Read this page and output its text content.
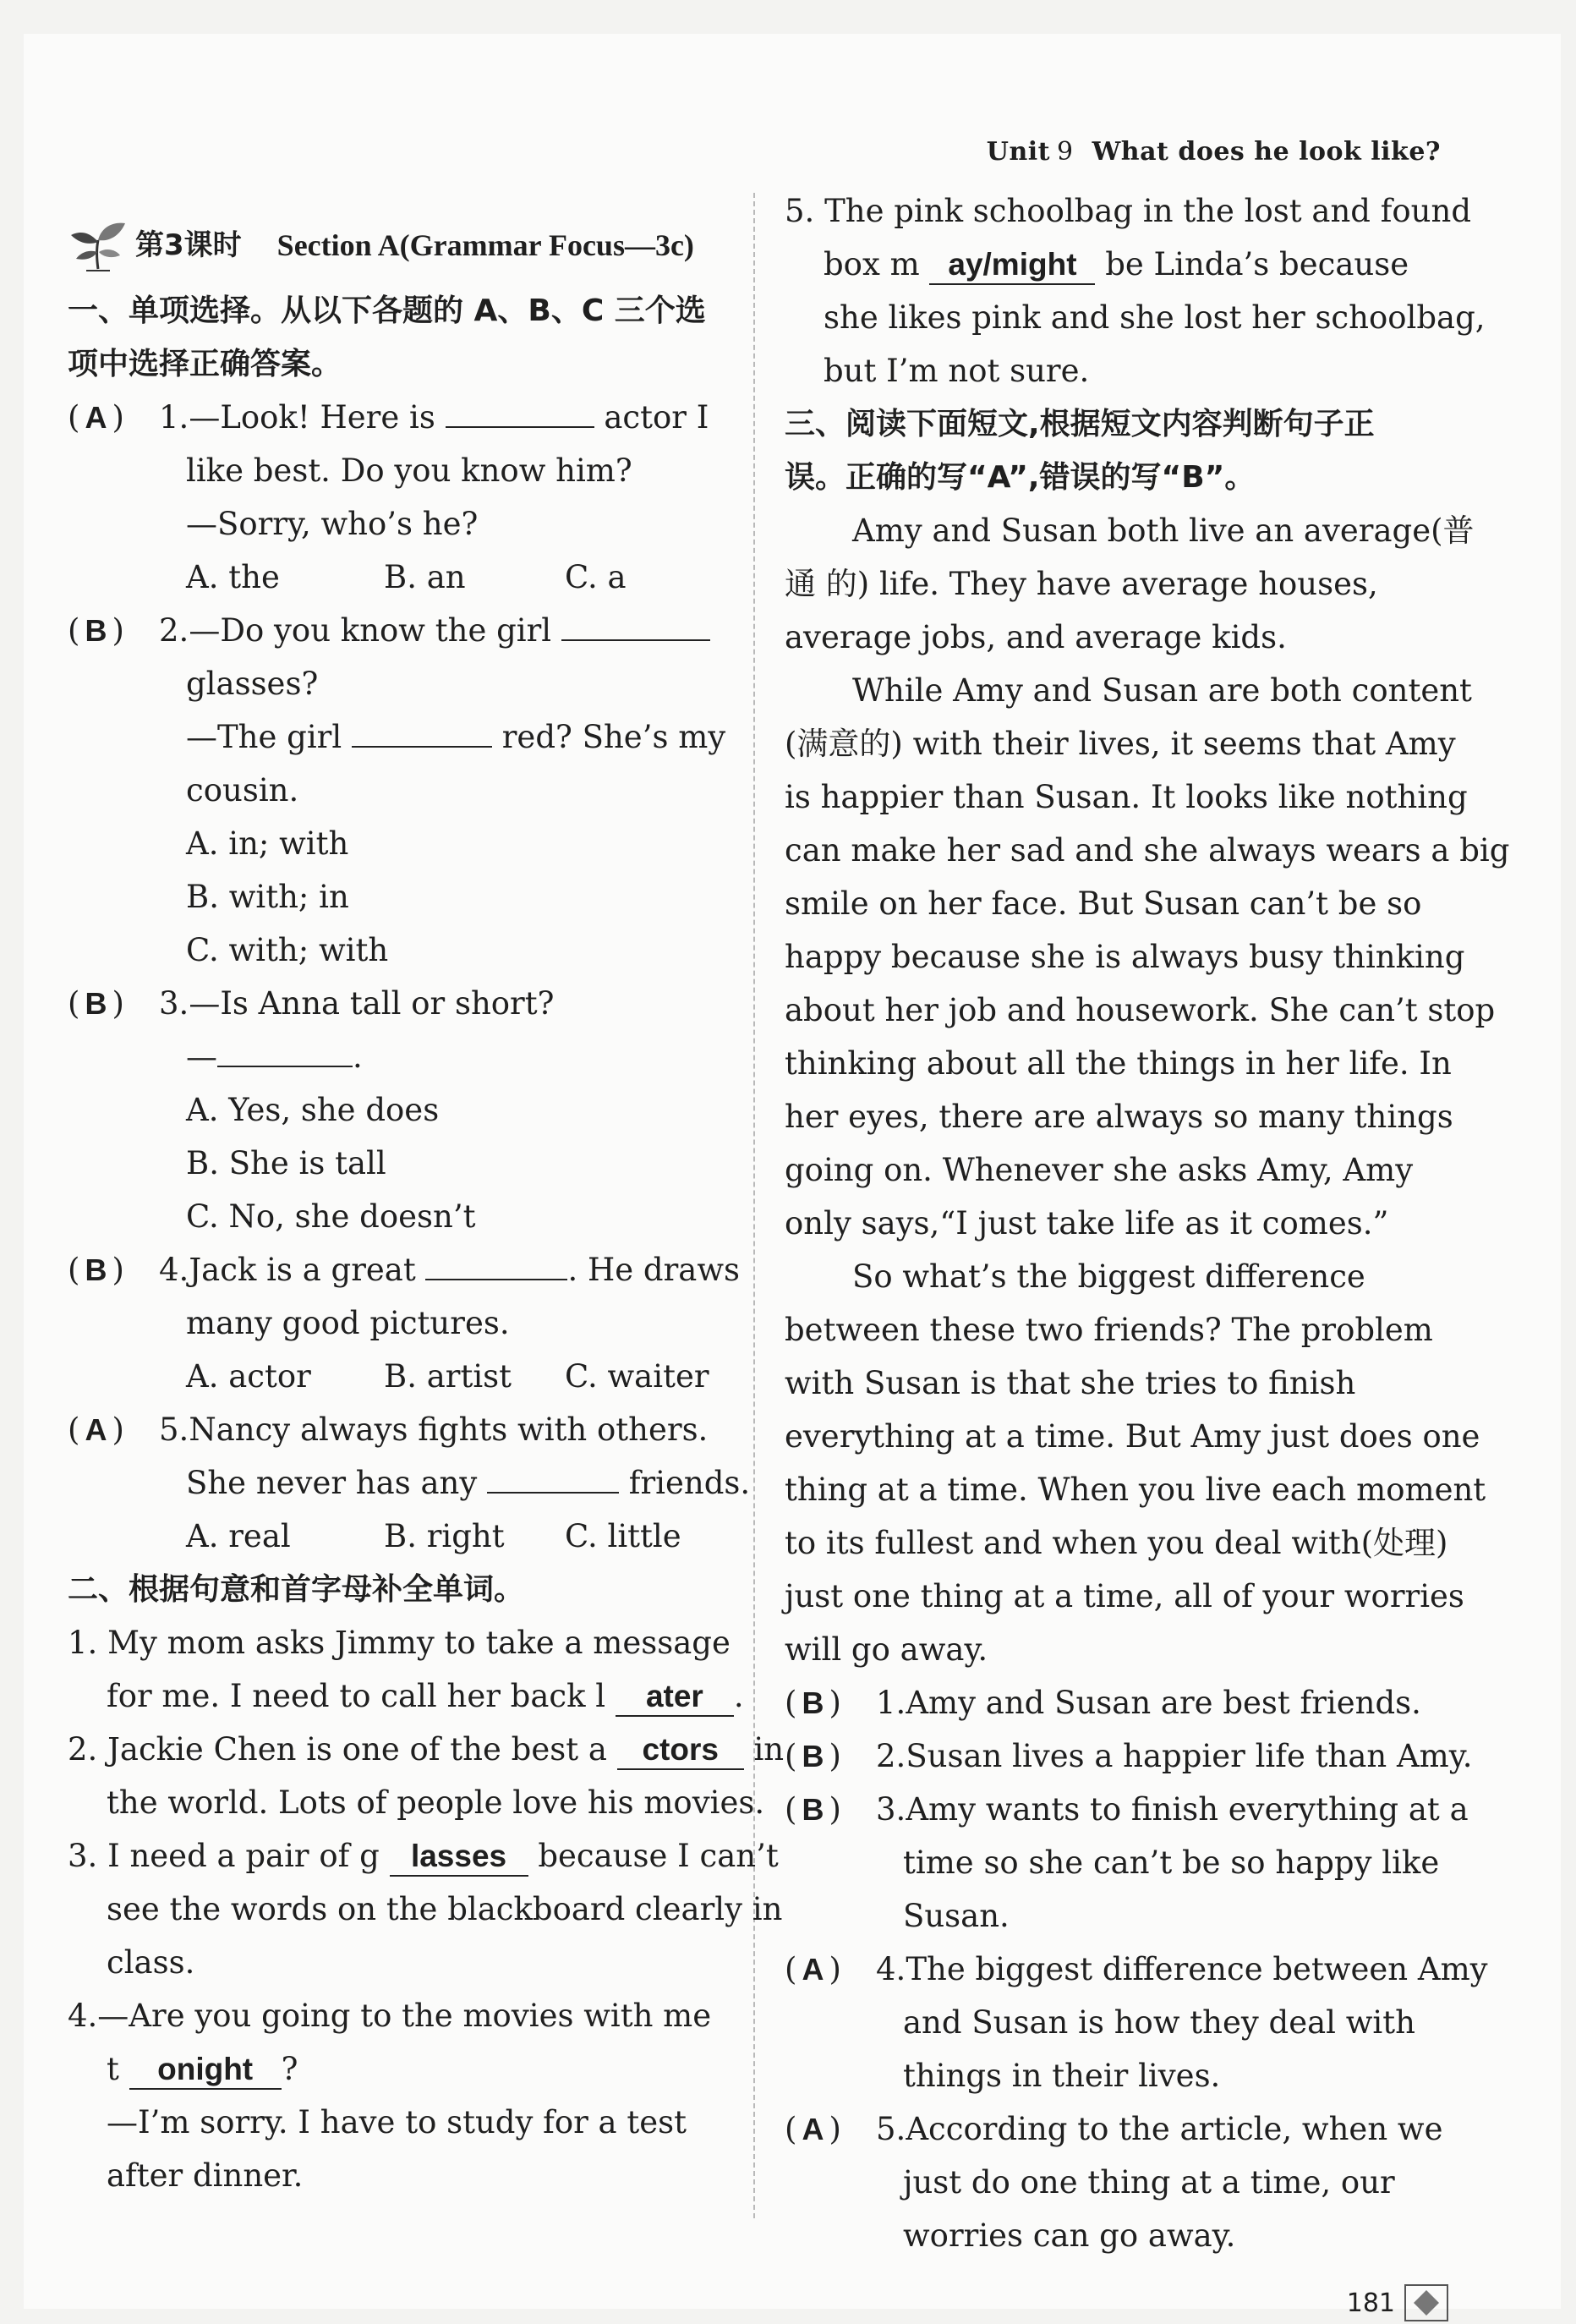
Unit 9 What does he look like?
第3课时 Section A(Grammar Focus—3c)
一、单项选择。从以下各题的 A、B、C 三个选
项中选择正确答案。
( A ) 1.—Look! Here is	actor I
like best. Do you know him?
—Sorry, who’s he?
A. the	B. an	C. a
( B ) 2.—Do you know the girl
glasses?
—The girl	red? She’s my
cousin.
A. in; with
B. with; in
C. with; with
( B ) 3.—Is Anna tall or short?
—	.
A. Yes, she does
B. She is tall
C. No, she doesn’t
( B ) 4.Jack is a great	. He draws
many good pictures.
A. actor	B. artist	C. waiter
( A ) 5.Nancy always fights with others.
She never has any	friends.
A. real	B. right	C. little
二、根据句意和首字母补全单词。
1. My mom asks Jimmy to take a message
for me. I need to call her back l ater .
2. Jackie Chen is one of the best a ctors in
the world. Lots of people love his movies.
3. I need a pair of g lasses because I can’t
see the words on the blackboard clearly in
class.
4.—Are you going to the movies with me
t onight ?
—I’m sorry. I have to study for a test
after dinner.
5. The pink schoolbag in the lost and found
box m ay/might be Linda’s because
she likes pink and she lost her schoolbag,
but I’m not sure.
三、阅读下面短文,根据短文内容判断句子正
误。正确的写“A”,错误的写“B”。
Amy and Susan both live an average(普
通 的) life. They have average houses,
average jobs, and average kids.
While Amy and Susan are both content
(满意的) with their lives, it seems that Amy
is happier than Susan. It looks like nothing
can make her sad and she always wears a big
smile on her face. But Susan can’t be so
happy because she is always busy thinking
about her job and housework. She can’t stop
thinking about all the things in her life. In
her eyes, there are always so many things
going on. Whenever she asks Amy, Amy
only says,“I just take life as it comes.”
So what’s the biggest difference
between these two friends? The problem
with Susan is that she tries to finish
everything at a time. But Amy just does one
thing at a time. When you live each moment
to its fullest and when you deal with(处理)
just one thing at a time, all of your worries
will go away.
( B ) 1.Amy and Susan are best friends.
( B ) 2.Susan lives a happier life than Amy.
( B ) 3.Amy wants to finish everything at a
time so she can’t be so happy like
Susan.
( A ) 4.The biggest difference between Amy
and Susan is how they deal with
things in their lives.
( A ) 5.According to the article, when we
just do one thing at a time, our
worries can go away.
181
